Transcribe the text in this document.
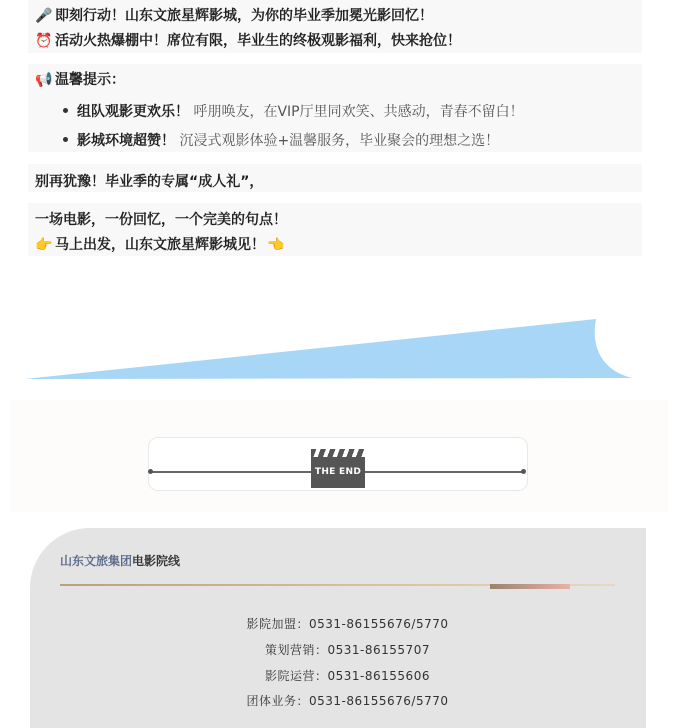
🎤 即刻行动！山东文旅星辉影城，为你的毕业季加冕光影回忆！
⏰ 活动火热爆棚中！席位有限，毕业生的终极观影福利，快来抢位！
📢 温馨提示：
组队观影更欢乐！ 呼朋唤友，在VIP厅里同欢笑、共感动，青春不留白！
影城环境超赞！ 沉浸式观影体验+温馨服务，毕业聚会的理想之选！
别再犹豫！毕业季的专属“成人礼”，
一场电影，一份回忆，一个完美的句点！
👉 马上出发，山东文旅星辉影城见！ 👈
THE END
山东文旅集团电影院线
影院加盟：0531-86155676/5770
策划营销：0531-86155707
影院运营：0531-86155606
团体业务：0531-86155676/5770
